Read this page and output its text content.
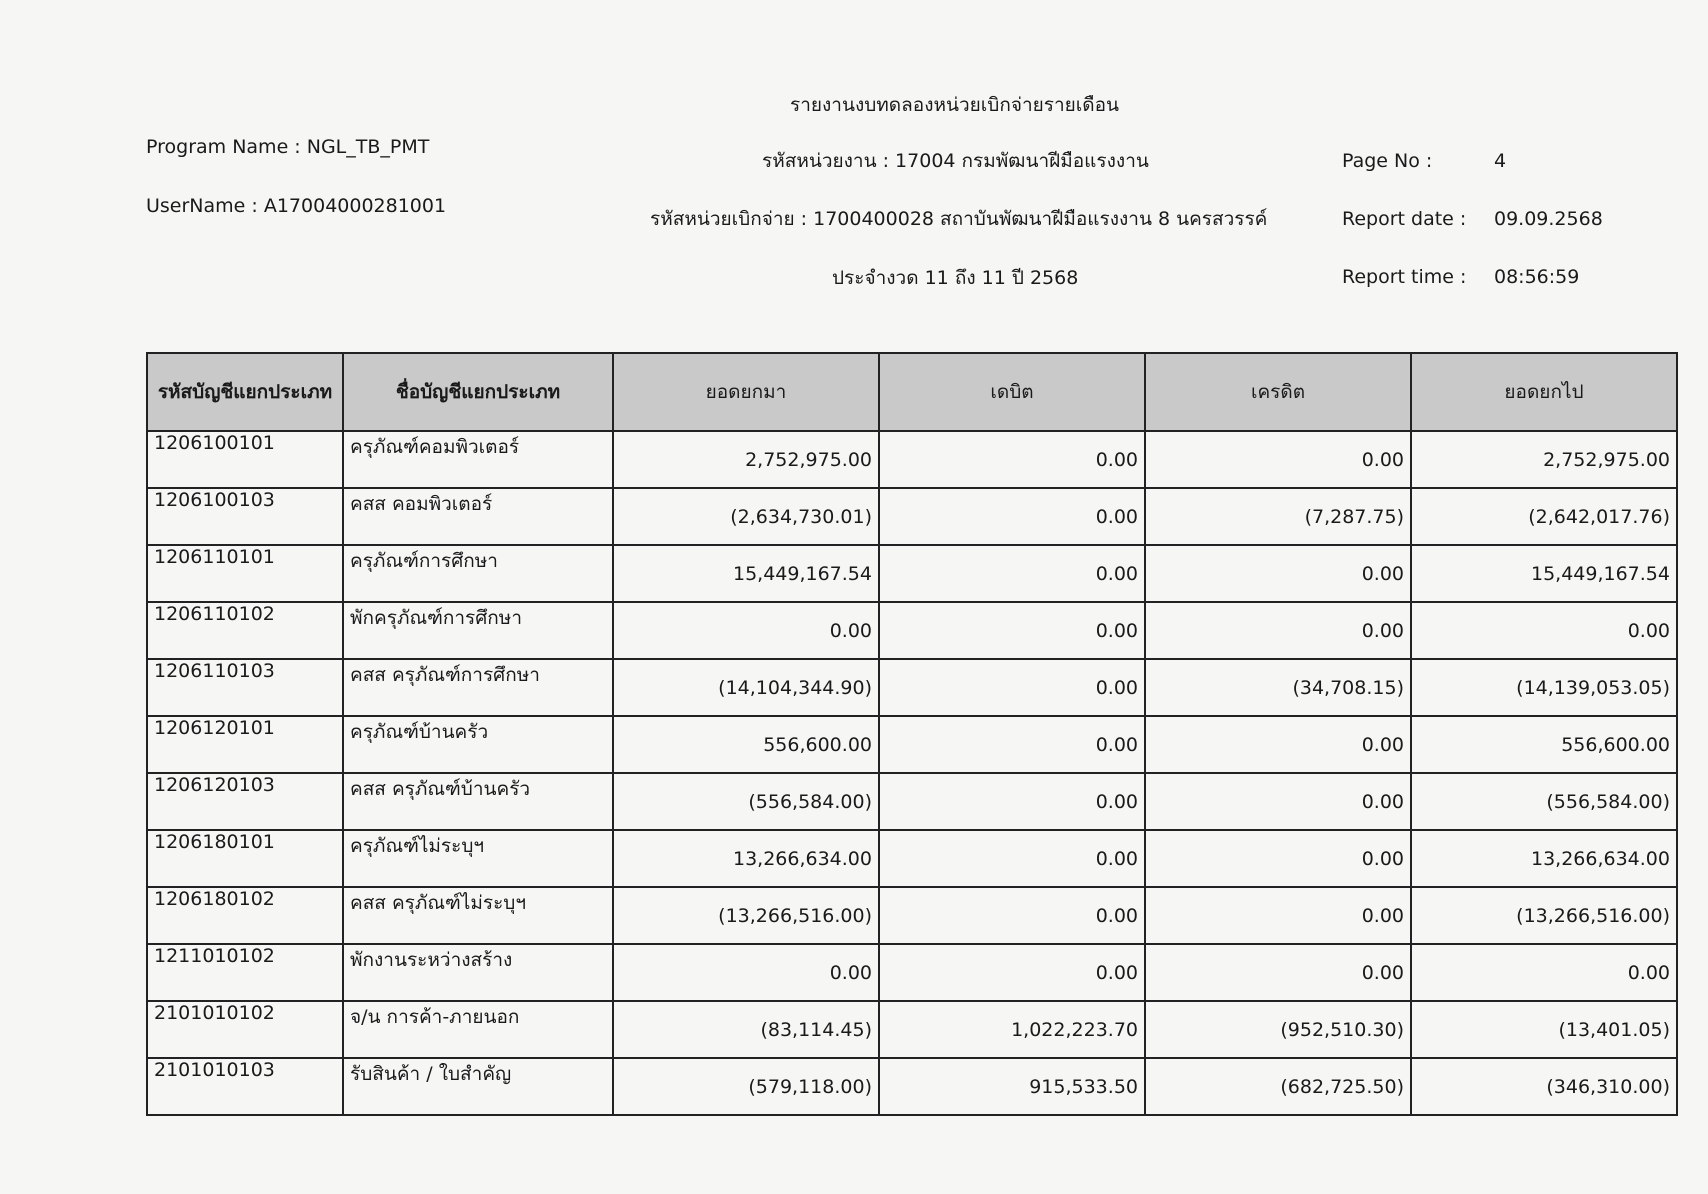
รายงานงบทดลองหน่วยเบิกจ่ายรายเดือน
รหัสหน่วยงาน : 17004 กรมพัฒนาฝีมือแรงงาน
รหัสหน่วยเบิกจ่าย : 1700400028 สถาบันพัฒนาฝีมือแรงงาน 8 นครสวรรค์
ประจำงวด 11 ถึง 11 ปี 2568
Program Name : NGL_TB_PMT
UserName : A17004000281001
Page No :	4
Report date : 09.09.2568
Report time : 08:56:59
รหัสบัญชีแยกประเภท	ชื่อบัญชีแยกประเภท	ยอดยกมา	เดบิต	เครดิต	ยอดยกไป
1206100101	ครุภัณฑ์คอมพิวเตอร์	2,752,975.00	0.00	0.00	2,752,975.00
1206100103	คสส คอมพิวเตอร์	(2,634,730.01)	0.00	(7,287.75)	(2,642,017.76)
1206110101	ครุภัณฑ์การศึกษา	15,449,167.54	0.00	0.00	15,449,167.54
1206110102	พักครุภัณฑ์การศึกษา	0.00	0.00	0.00	0.00
1206110103	คสส ครุภัณฑ์การศึกษา	(14,104,344.90)	0.00	(34,708.15)	(14,139,053.05)
1206120101	ครุภัณฑ์บ้านครัว	556,600.00	0.00	0.00	556,600.00
1206120103	คสส ครุภัณฑ์บ้านครัว	(556,584.00)	0.00	0.00	(556,584.00)
1206180101	ครุภัณฑ์ไม่ระบุฯ	13,266,634.00	0.00	0.00	13,266,634.00
1206180102	คสส ครุภัณฑ์ไม่ระบุฯ	(13,266,516.00)	0.00	0.00	(13,266,516.00)
1211010102	พักงานระหว่างสร้าง	0.00	0.00	0.00	0.00
2101010102	จ/น การค้า-ภายนอก	(83,114.45)	1,022,223.70	(952,510.30)	(13,401.05)
2101010103	รับสินค้า / ใบสำคัญ	(579,118.00)	915,533.50	(682,725.50)	(346,310.00)
